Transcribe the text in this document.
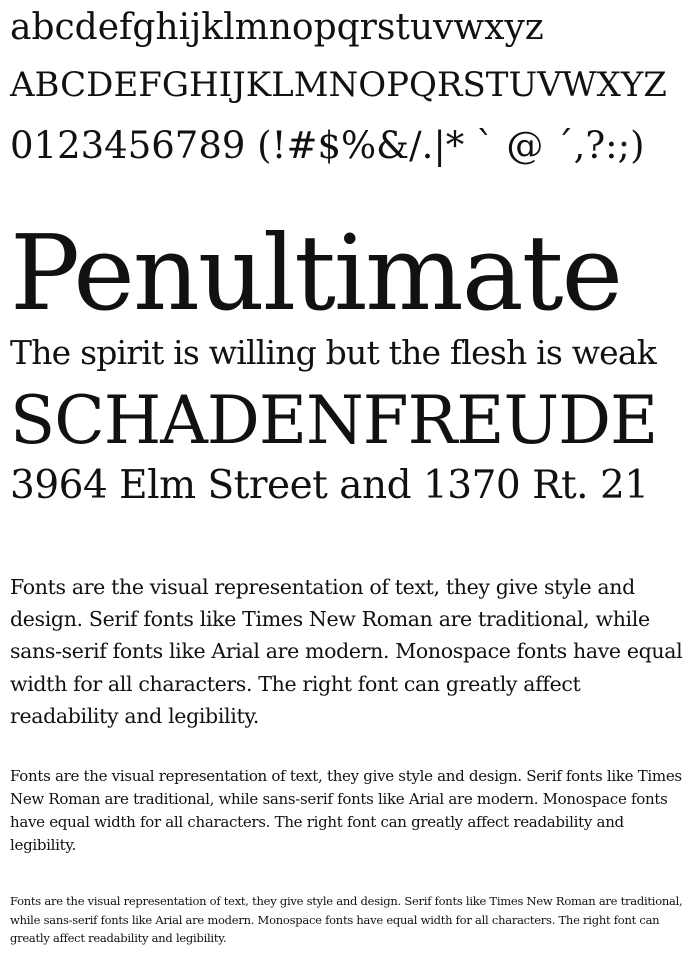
abcdefghijklmnopqrstuvwxyz
ABCDEFGHIJKLMNOPQRSTUVWXYZ
0123456789 (!#$%&/.|* ` @ ´,?:;)
Penultimate
The spirit is willing but the flesh is weak
SCHADENFREUDE
3964 Elm Street and 1370 Rt. 21

Fonts are the visual representation of text, they give style and design. Serif fonts like Times New Roman are traditional, while sans-serif fonts like Arial are modern. Monospace fonts have equal width for all characters. The right font can greatly affect readability and legibility.

Fonts are the visual representation of text, they give style and design. Serif fonts like Times New Roman are traditional, while sans-serif fonts like Arial are modern. Monospace fonts have equal width for all characters. The right font can greatly affect readability and legibility.

Fonts are the visual representation of text, they give style and design. Serif fonts like Times New Roman are traditional, while sans-serif fonts like Arial are modern. Monospace fonts have equal width for all characters. The right font can greatly affect readability and legibility.
